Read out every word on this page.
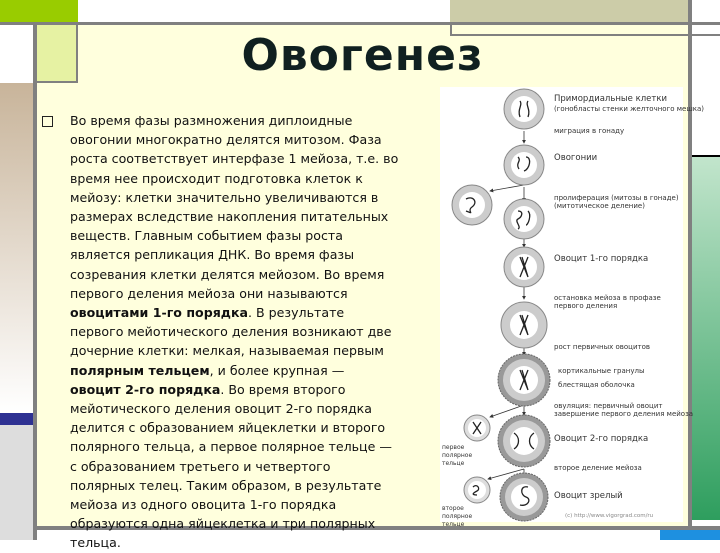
Овогенез
Во время фазы размножения диплоидные
овогонии многократно делятся митозом. Фаза
роста соответствует интерфазе 1 мейоза, т.е. во
время нее происходит подготовка клеток к
мейозу: клетки значительно увеличиваются в
размерах вследствие накопления питательных
веществ. Главным событием фазы роста
является репликация ДНК. Во время фазы
созревания клетки делятся мейозом. Во время
первого деления мейоза они называются
овоцитами 1-го порядка. В результате
первого мейотического деления возникают две
дочерние клетки: мелкая, называемая первым
полярным тельцем, и более крупная —
овоцит 2-го порядка. Во время второго
мейотического деления овоцит 2-го порядка
делится с образованием яйцеклетки и второго
полярного тельца, а первое полярное тельце —
с образованием третьего и четвертого
полярных телец. Таким образом, в результате
мейоза из одного овоцита 1-го порядка
образуются одна яйцеклетка и три полярных
тельца.
Примордиальные клетки
(гонобласты стенки желточного мешка)
миграция в гонаду
Овогонии
пролиферация (митозы в гонаде)
(митотическое деление)
Овоцит 1-го порядка
остановка мейоза в профазе
первого деления
рост первичных овоцитов
кортикальные гранулы
блестящая оболочка
овуляция: первичный овоцит
завершение первого деления мейоза
первое полярное тельце
Овоцит 2-го порядка
второе деление мейоза
второе полярное тельце
Овоцит зрелый
(c) http://www.vigorgrad.com/ru
